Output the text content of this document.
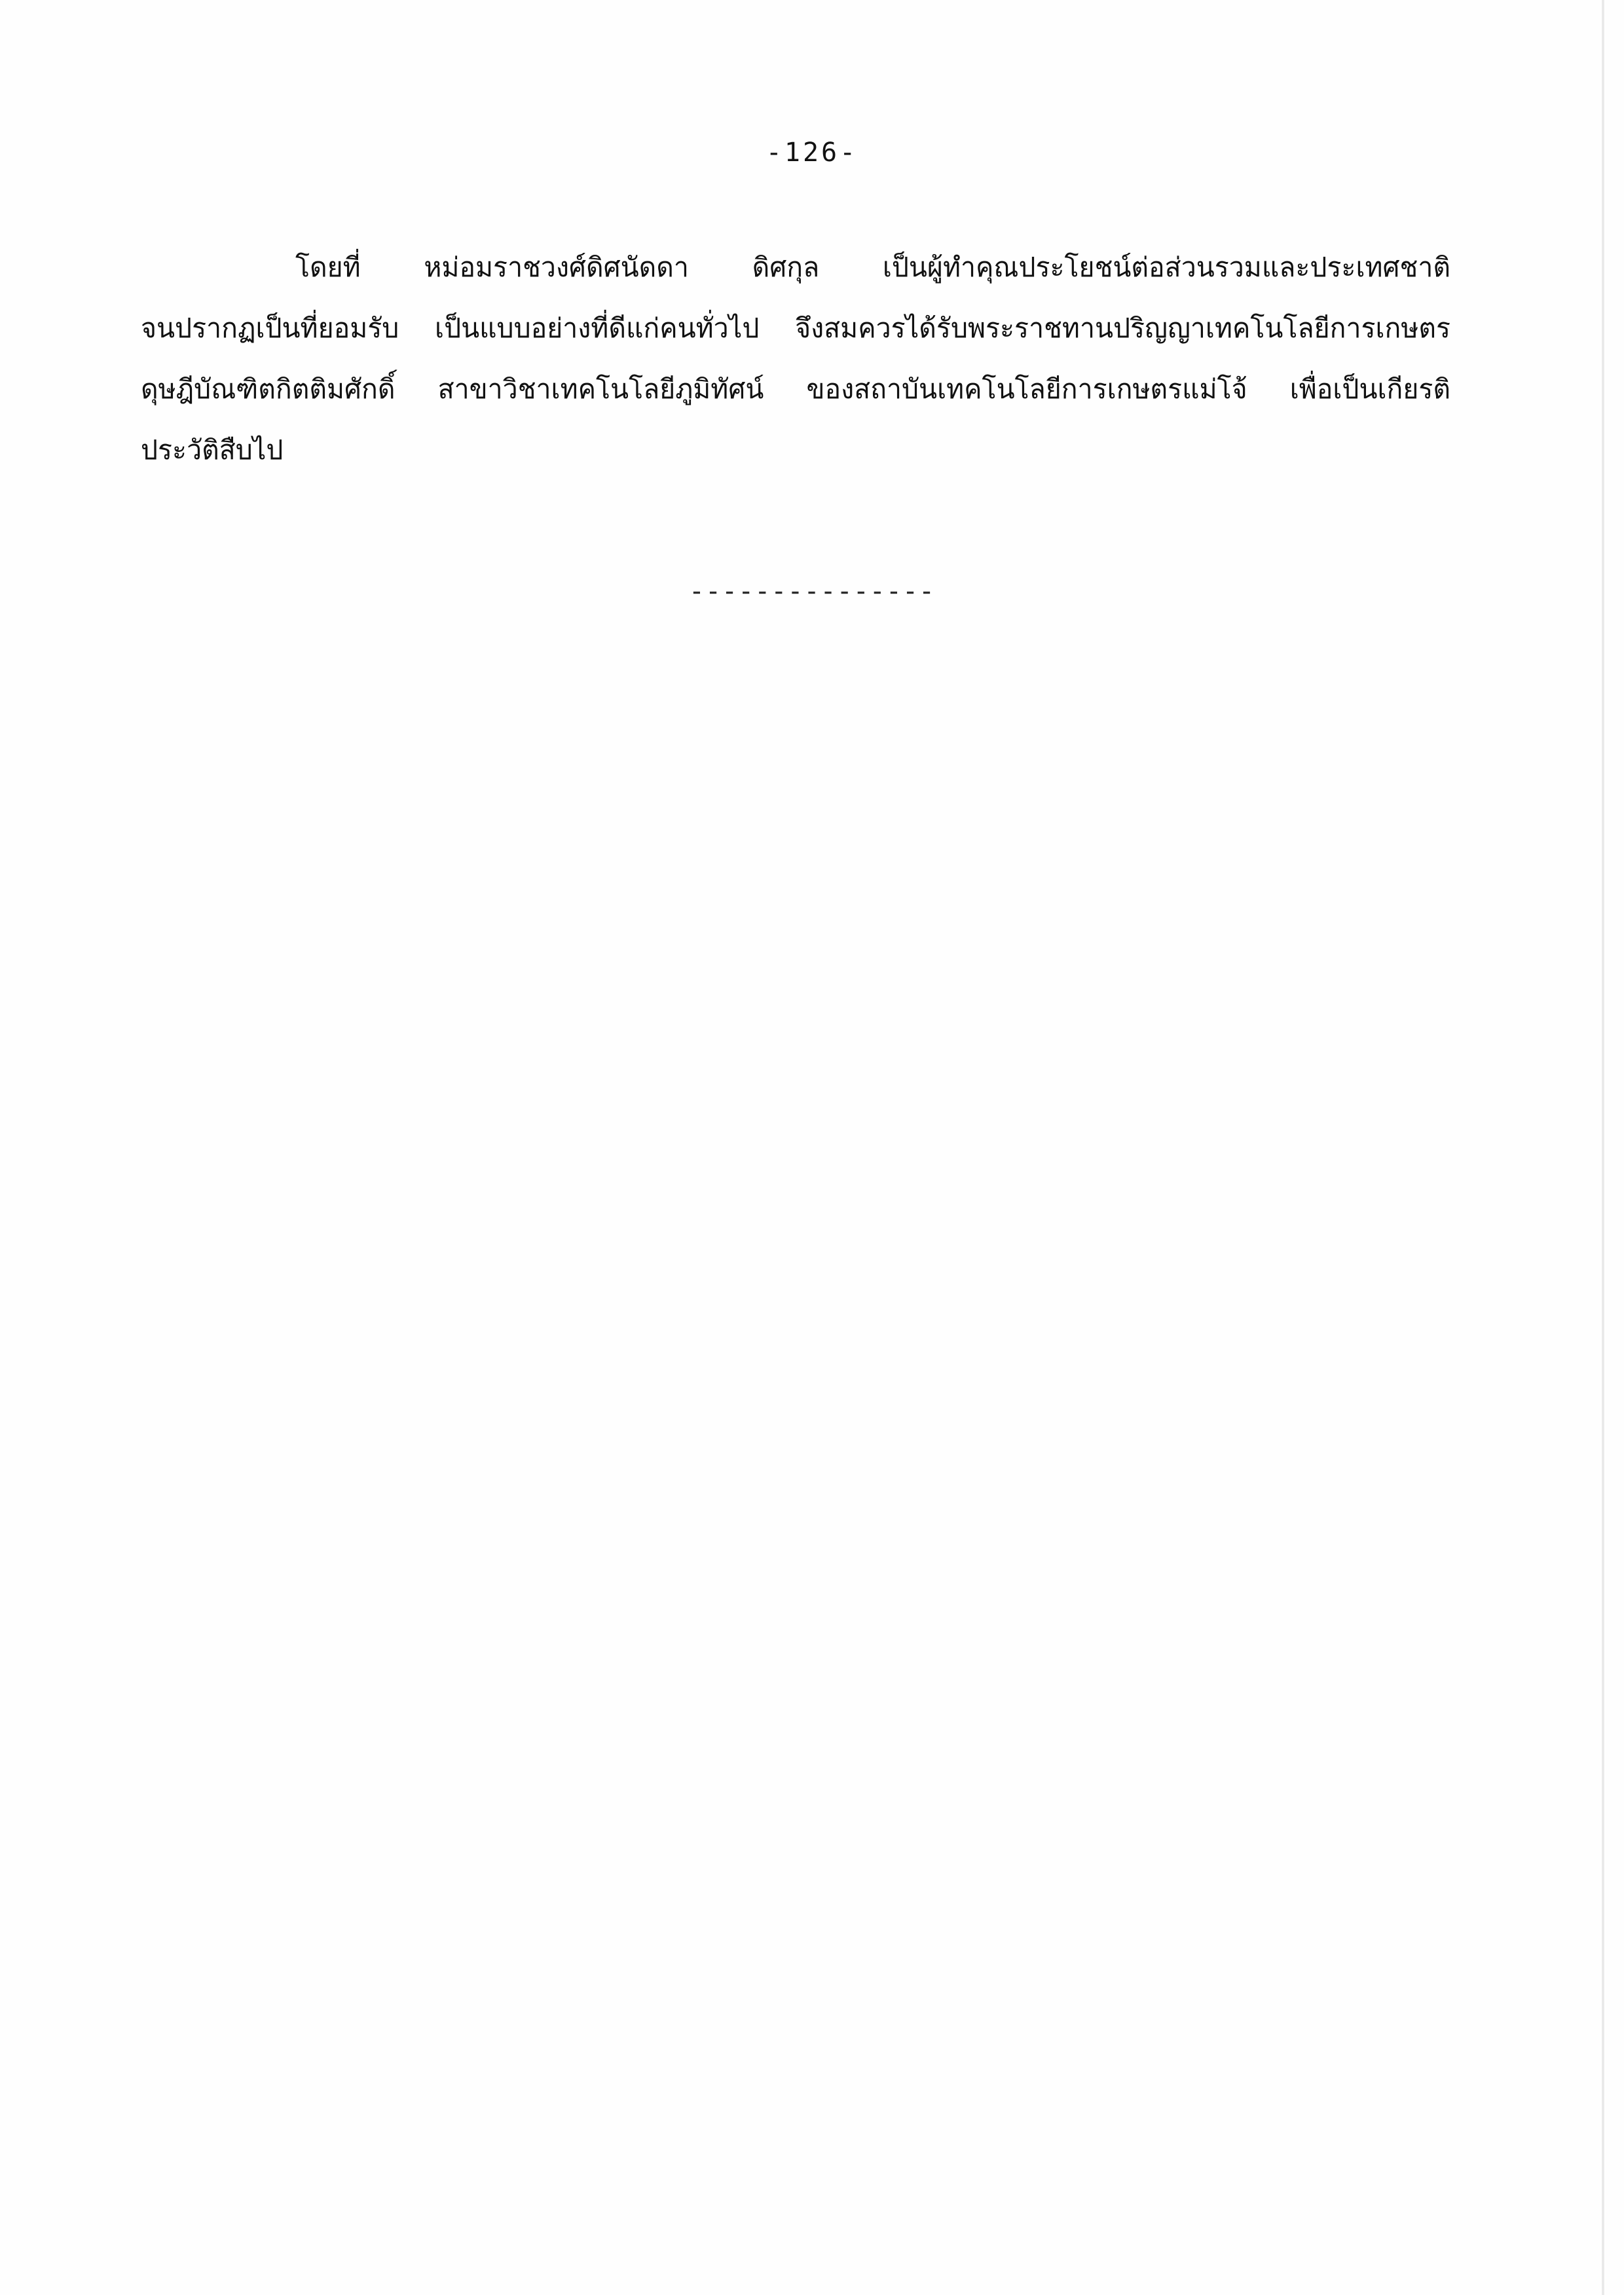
-126-
โดยที่ หม่อมราชวงศ์ดิศนัดดา ดิศกุล เป็นผู้ทำคุณประโยชน์ต่อส่วนรวมและประเทศชาติ
จนปรากฏเป็นที่ยอมรับ เป็นแบบอย่างที่ดีแก่คนทั่วไป จึงสมควรได้รับพระราชทานปริญญาเทคโนโลยีการเกษตร
ดุษฎีบัณฑิตกิตติมศักดิ์ สาขาวิชาเทคโนโลยีภูมิทัศน์ ของสถาบันเทคโนโลยีการเกษตรแม่โจ้ เพื่อเป็นเกียรติ
ประวัติสืบไป
---------------
